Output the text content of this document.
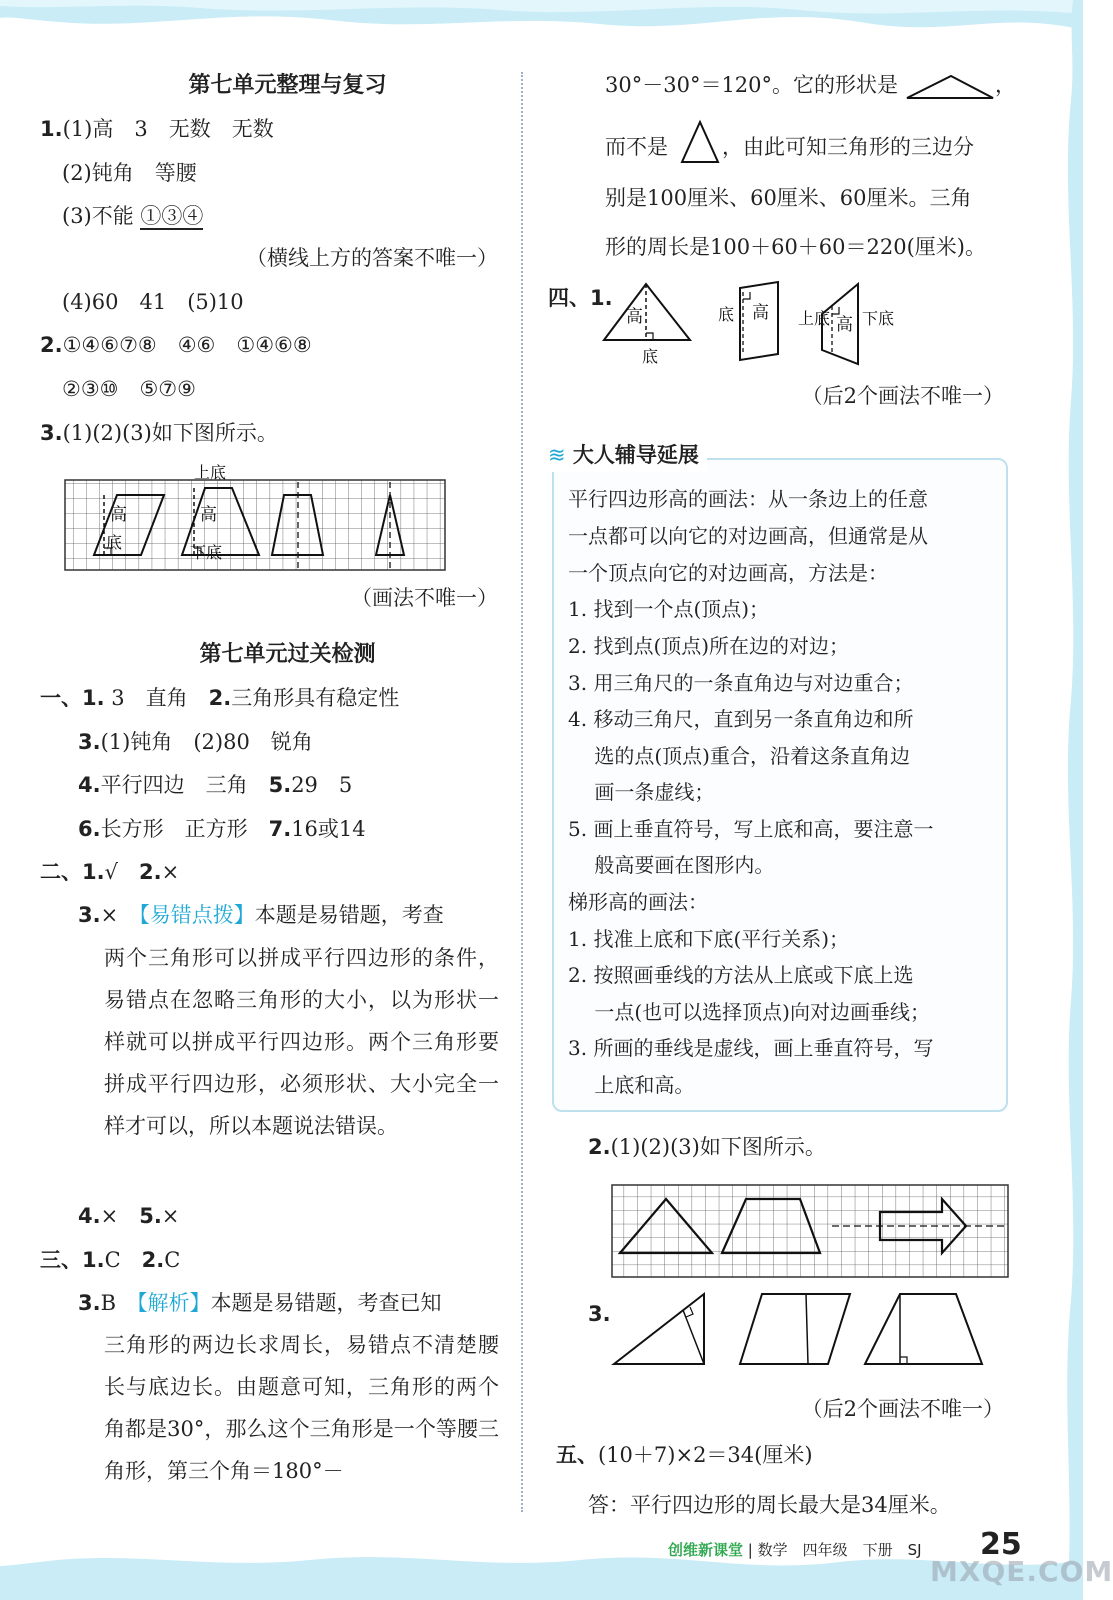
第七单元整理与复习
1.(1)高　3　无数　无数
(2)钝角　等腰
(3)不能 ①③④
（横线上方的答案不唯一）
(4)60　41　(5)10
2.①④⑥⑦⑧　④⑥　①④⑥⑧
②③⑩　⑤⑦⑨
3.(1)(2)(3)如下图所示。
高
底
上底
高
下底
（画法不唯一）
第七单元过关检测
一、1. 3　直角　2.三角形具有稳定性
3.(1)钝角　(2)80　锐角
4.平行四边　三角　5.29　5
6.长方形　正方形　7.16或14
二、1.√　2.×
3.×　【易错点拨】本题是易错题，考查
两个三角形可以拼成平行四边形的条件，易错点在忽略三角形的大小，以为形状一样就可以拼成平行四边形。两个三角形要拼成平行四边形，必须形状、大小完全一样才可以，所以本题说法错误。
4.×　5.×
三、1.C　2.C
3.B　【解析】本题是易错题，考查已知
三角形的两边长求周长，易错点不清楚腰长与底边长。由题意可知，三角形的两个角都是30°，那么这个三角形是一个等腰三角形，第三个角＝180°－
30°－30°＝120°。它的形状是	，
而不是	，由此可知三角形的三边分
别是100厘米、60厘米、60厘米。三角
形的周长是100＋60＋60＝220(厘米)。
四、1.
高
底
底 高 上底 高 下底
（后2个画法不唯一）
平行四边形高的画法：从一条边上的任意
一点都可以向它的对边画高，但通常是从
一个顶点向它的对边画高，方法是：
1. 找到一个点(顶点)；
2. 找到点(顶点)所在边的对边；
3. 用三角尺的一条直角边与对边重合；
4. 移动三角尺，直到另一条直角边和所
　 选的点(顶点)重合，沿着这条直角边
　 画一条虚线；
5. 画上垂直符号，写上底和高，要注意一
　 般高要画在图形内。
梯形高的画法：
1. 找准上底和下底(平行关系)；
2. 按照画垂线的方法从上底或下底上选
　 一点(也可以选择顶点)向对边画垂线；
3. 所画的垂线是虚线，画上垂直符号，写
　 上底和高。
≋ 大人辅导延展
2.(1)(2)(3)如下图所示。
3.
（后2个画法不唯一）
五、(10＋7)×2＝34(厘米)
答：平行四边形的周长最大是34厘米。
创维新课堂 | 数学　四年级　下册　SJ 25
MXQE.COM
